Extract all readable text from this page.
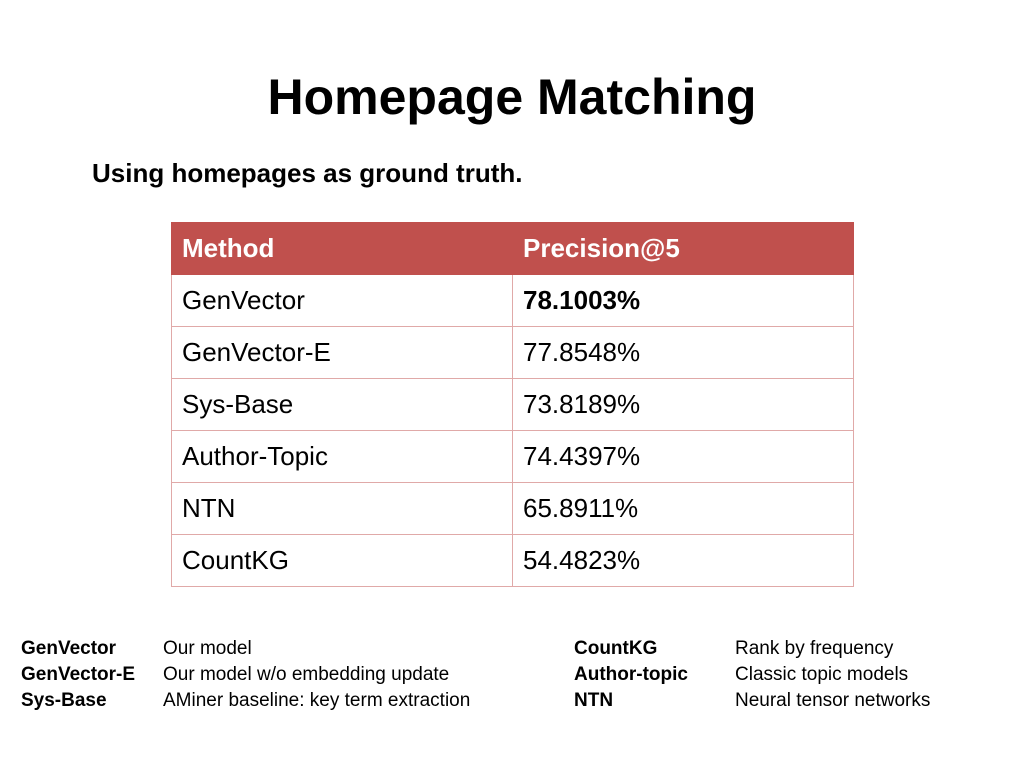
Homepage Matching

Using homepages as ground truth.

Method	Precision@5
GenVector	78.1003%
GenVector-E	77.8548%
Sys-Base	73.8189%
Author-Topic	74.4397%
NTN	65.8911%
CountKG	54.4823%
GenVector	Our model
GenVector-E	Our model w/o embedding update
Sys-Base	AMiner baseline: key term extraction
CountKG	Rank by frequency
Author-topic	Classic topic models
NTN	Neural tensor networks
